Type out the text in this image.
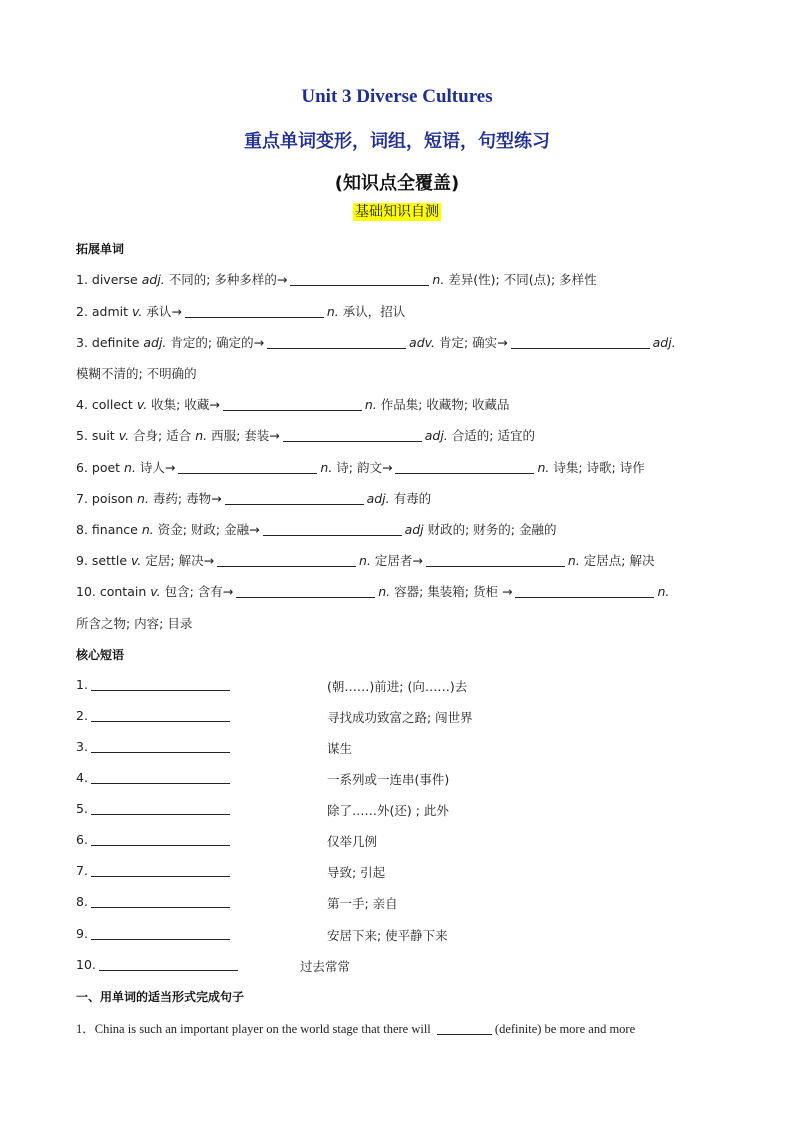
Unit 3 Diverse Cultures
重点单词变形，词组，短语，句型练习
(知识点全覆盖)
基础知识自测
拓展单词
1. diverse adj. 不同的; 多种多样的→	n. 差异(性); 不同(点); 多样性
2. admit v. 承认→	n. 承认，招认
3. definite adj. 肯定的; 确定的→	adv. 肯定; 确实→	adj.
模糊不清的; 不明确的
4. collect v. 收集; 收藏→	n. 作品集; 收藏物; 收藏品
5. suit v. 合身; 适合 n. 西服; 套装→	adj. 合适的; 适宜的
6. poet n. 诗人→	n. 诗; 韵文→	n. 诗集; 诗歌; 诗作
7. poison n. 毒药; 毒物→	adj. 有毒的
8. finance n. 资金; 财政; 金融→	adj 财政的; 财务的; 金融的
9. settle v. 定居; 解决→	n. 定居者→	n. 定居点; 解决
10. contain v. 包含; 含有→	n. 容器; 集装箱; 货柜 →	n.
所含之物; 内容; 目录
核心短语
1.	(朝……)前进; (向……)去
2.	寻找成功致富之路; 闯世界
3.	谋生
4.	一系列或一连串(事件)
5.	除了……外(还) ; 此外
6.	仅举几例
7.	导致; 引起
8.	第一手; 亲自
9.	安居下来; 使平静下来
10.	过去常常
一、用单词的适当形式完成句子
1．China is such an important player on the world stage that there will	(definite) be more and more
